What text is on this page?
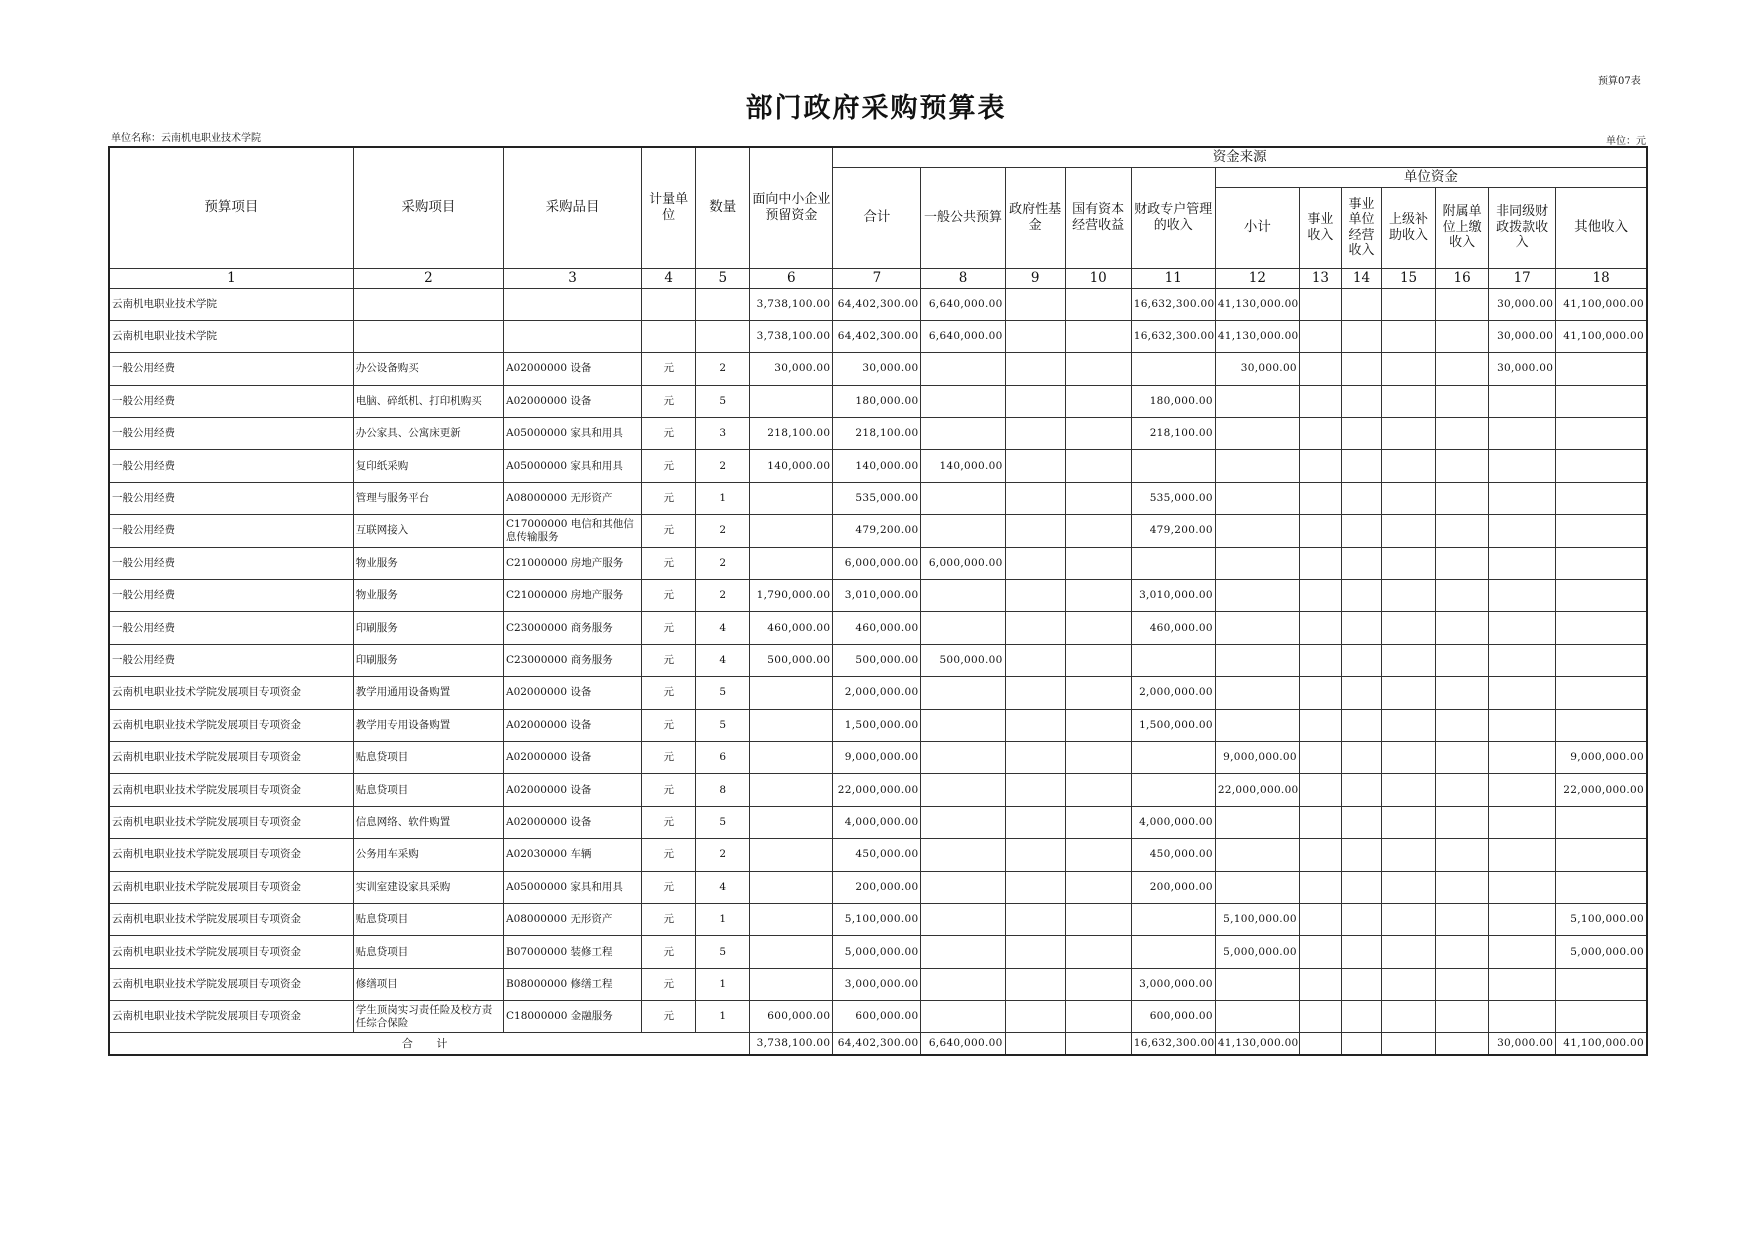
预算07表
部门政府采购预算表
单位名称：云南机电职业技术学院	单位：元
预算项目	采购项目	采购品目	计量单位	数量	面向中小企业预留资金	资金来源											
						合计	一般公共预算	政府性基金	国有资本经营收益	财政专户管理的收入	单位资金						
											小计	事业收入	事业单位经营收入	上级补助收入	附属单位上缴收入	非同级财政拨款收入	其他收入
1	2	3	4	5	6	7	8	9	10	11	12	13	14	15	16	17	18
云南机电职业技术学院					3,738,100.00	64,402,300.00	6,640,000.00			16,632,300.00	41,130,000.00					30,000.00	41,100,000.00
云南机电职业技术学院					3,738,100.00	64,402,300.00	6,640,000.00			16,632,300.00	41,130,000.00					30,000.00	41,100,000.00
一般公用经费	办公设备购买	A02000000 设备	元	2	30,000.00	30,000.00					30,000.00					30,000.00	
一般公用经费	电脑、碎纸机、打印机购买	A02000000 设备	元	5		180,000.00				180,000.00							
一般公用经费	办公家具、公寓床更新	A05000000 家具和用具	元	3	218,100.00	218,100.00				218,100.00							
一般公用经费	复印纸采购	A05000000 家具和用具	元	2	140,000.00	140,000.00	140,000.00										
一般公用经费	管理与服务平台	A08000000 无形资产	元	1		535,000.00				535,000.00							
一般公用经费	互联网接入	C17000000 电信和其他信息传输服务	元	2		479,200.00				479,200.00							
一般公用经费	物业服务	C21000000 房地产服务	元	2		6,000,000.00	6,000,000.00										
一般公用经费	物业服务	C21000000 房地产服务	元	2	1,790,000.00	3,010,000.00				3,010,000.00							
一般公用经费	印刷服务	C23000000 商务服务	元	4	460,000.00	460,000.00				460,000.00							
一般公用经费	印刷服务	C23000000 商务服务	元	4	500,000.00	500,000.00	500,000.00										
云南机电职业技术学院发展项目专项资金	教学用通用设备购置	A02000000 设备	元	5		2,000,000.00				2,000,000.00							
云南机电职业技术学院发展项目专项资金	教学用专用设备购置	A02000000 设备	元	5		1,500,000.00				1,500,000.00							
云南机电职业技术学院发展项目专项资金	贴息贷项目	A02000000 设备	元	6		9,000,000.00					9,000,000.00						9,000,000.00
云南机电职业技术学院发展项目专项资金	贴息贷项目	A02000000 设备	元	8		22,000,000.00					22,000,000.00						22,000,000.00
云南机电职业技术学院发展项目专项资金	信息网络、软件购置	A02000000 设备	元	5		4,000,000.00				4,000,000.00							
云南机电职业技术学院发展项目专项资金	公务用车采购	A02030000 车辆	元	2		450,000.00				450,000.00							
云南机电职业技术学院发展项目专项资金	实训室建设家具采购	A05000000 家具和用具	元	4		200,000.00				200,000.00							
云南机电职业技术学院发展项目专项资金	贴息贷项目	A08000000 无形资产	元	1		5,100,000.00					5,100,000.00						5,100,000.00
云南机电职业技术学院发展项目专项资金	贴息贷项目	B07000000 装修工程	元	5		5,000,000.00					5,000,000.00						5,000,000.00
云南机电职业技术学院发展项目专项资金	修缮项目	B08000000 修缮工程	元	1		3,000,000.00				3,000,000.00							
云南机电职业技术学院发展项目专项资金	学生顶岗实习责任险及校方责任综合保险	C18000000 金融服务	元	1	600,000.00	600,000.00				600,000.00							
合 计					3,738,100.00	64,402,300.00	6,640,000.00			16,632,300.00	41,130,000.00					30,000.00	41,100,000.00
